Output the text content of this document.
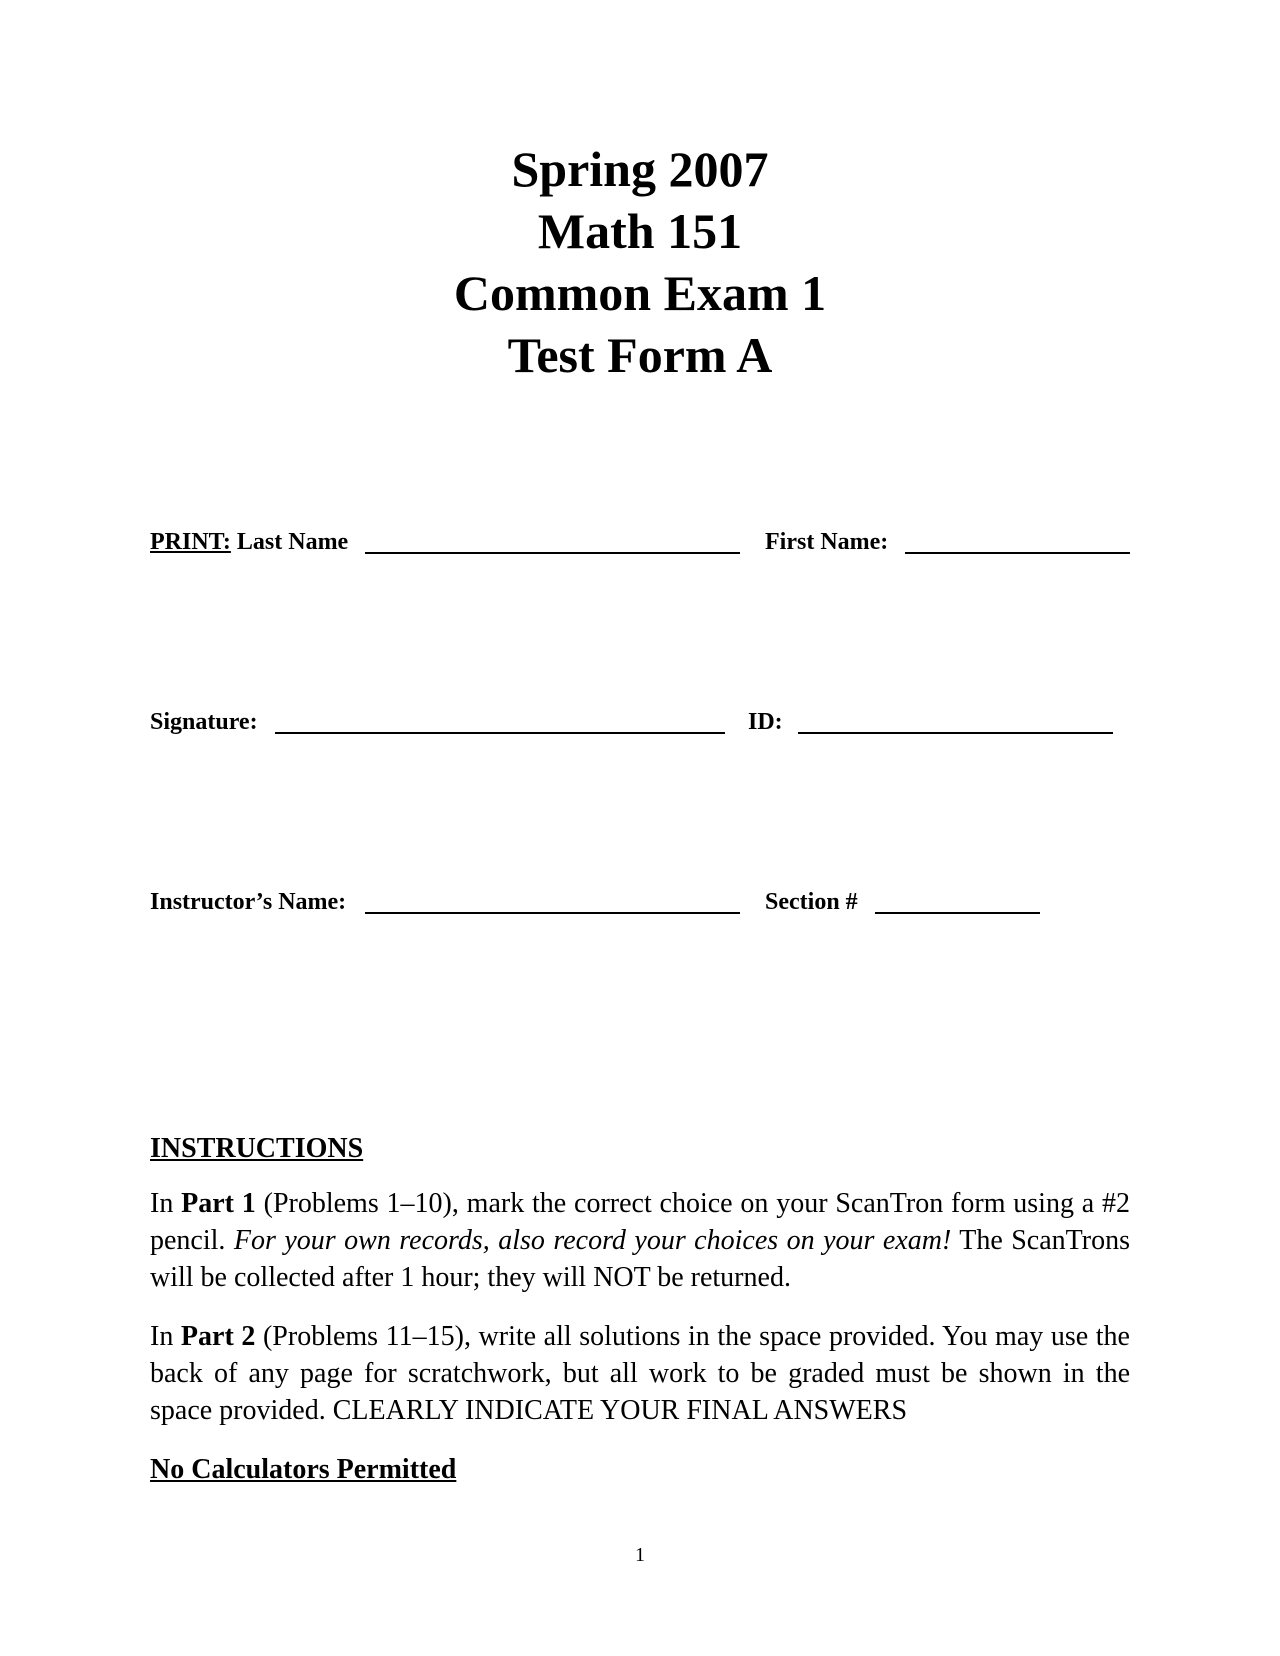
Spring 2007
Math 151
Common Exam 1
Test Form A
PRINT: Last Name	First Name:
Signature:	ID:
Instructor’s Name:	Section #

INSTRUCTIONS

In Part 1 (Problems 1–10), mark the correct choice on your ScanTron form using a #2 pencil. For your own records, also record your choices on your exam! The ScanTrons will be collected after 1 hour; they will NOT be returned.

In Part 2 (Problems 11–15), write all solutions in the space provided. You may use the back of any page for scratchwork, but all work to be graded must be shown in the space provided. CLEARLY INDICATE YOUR FINAL ANSWERS

No Calculators Permitted

1
